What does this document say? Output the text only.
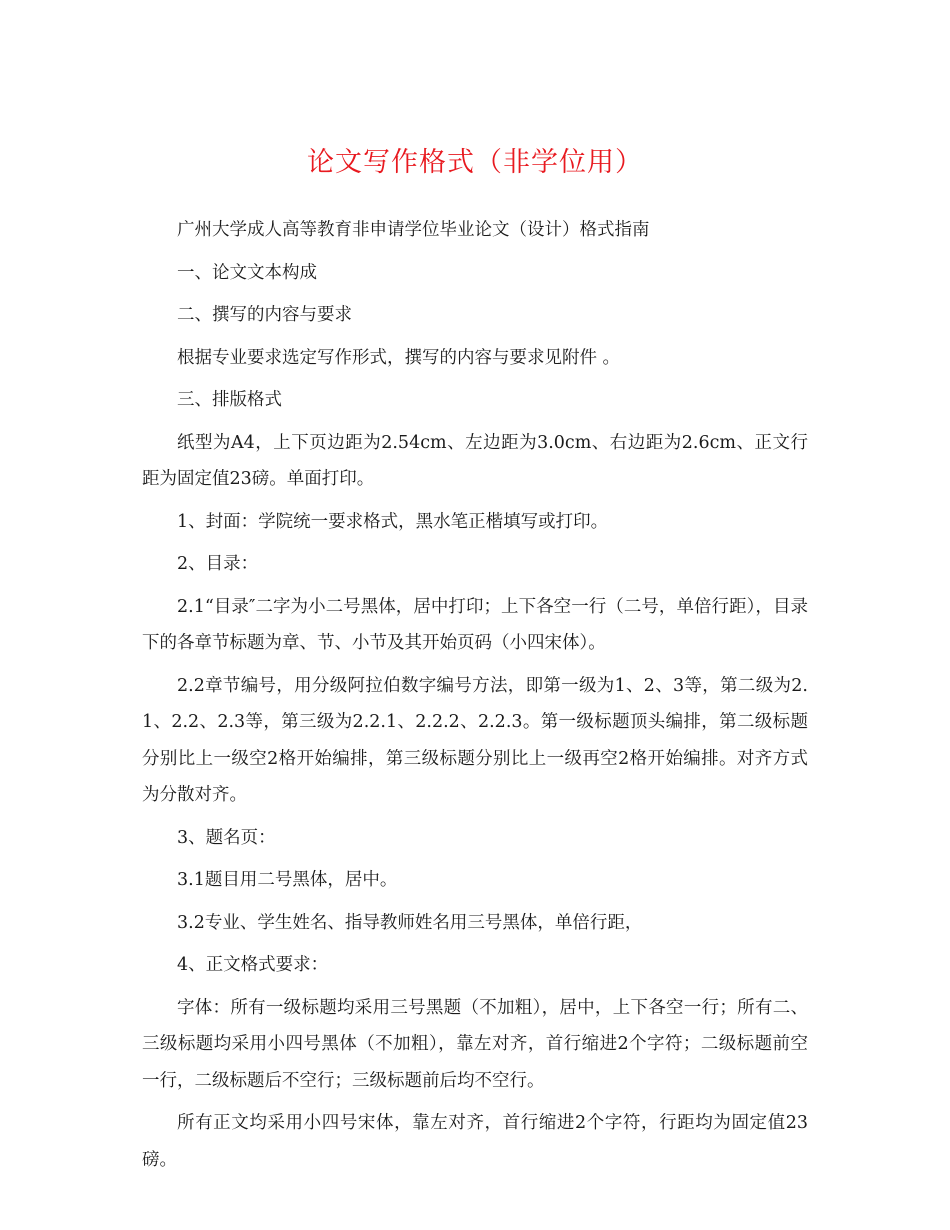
论文写作格式（非学位用）

广州大学成人高等教育非申请学位毕业论文（设计）格式指南

一、论文文本构成

二、撰写的内容与要求

根据专业要求选定写作形式，撰写的内容与要求见附件 。

三、排版格式

纸型为A4，上下页边距为2.54cm、左边距为3.0cm、右边距为2.6cm、正文行距为固定值23磅。单面打印。

1、封面：学院统一要求格式，黑水笔正楷填写或打印。

2、目录：

2.1“目录″二字为小二号黑体，居中打印；上下各空一行（二号，单倍行距），目录下的各章节标题为章、节、小节及其开始页码（小四宋体）。

2.2章节编号，用分级阿拉伯数字编号方法，即第一级为1、2、3等，第二级为2.1、2.2、2.3等，第三级为2.2.1、2.2.2、2.2.3。第一级标题顶头编排，第二级标题分别比上一级空2格开始编排，第三级标题分别比上一级再空2格开始编排。对齐方式为分散对齐。

3、题名页：

3.1题目用二号黑体，居中。

3.2专业、学生姓名、指导教师姓名用三号黑体，单倍行距，

4、正文格式要求：

字体：所有一级标题均采用三号黑题（不加粗），居中，上下各空一行；所有二、三级标题均采用小四号黑体（不加粗），靠左对齐，首行缩进2个字符；二级标题前空一行，二级标题后不空行；三级标题前后均不空行。

所有正文均采用小四号宋体，靠左对齐，首行缩进2个字符，行距均为固定值23磅。
